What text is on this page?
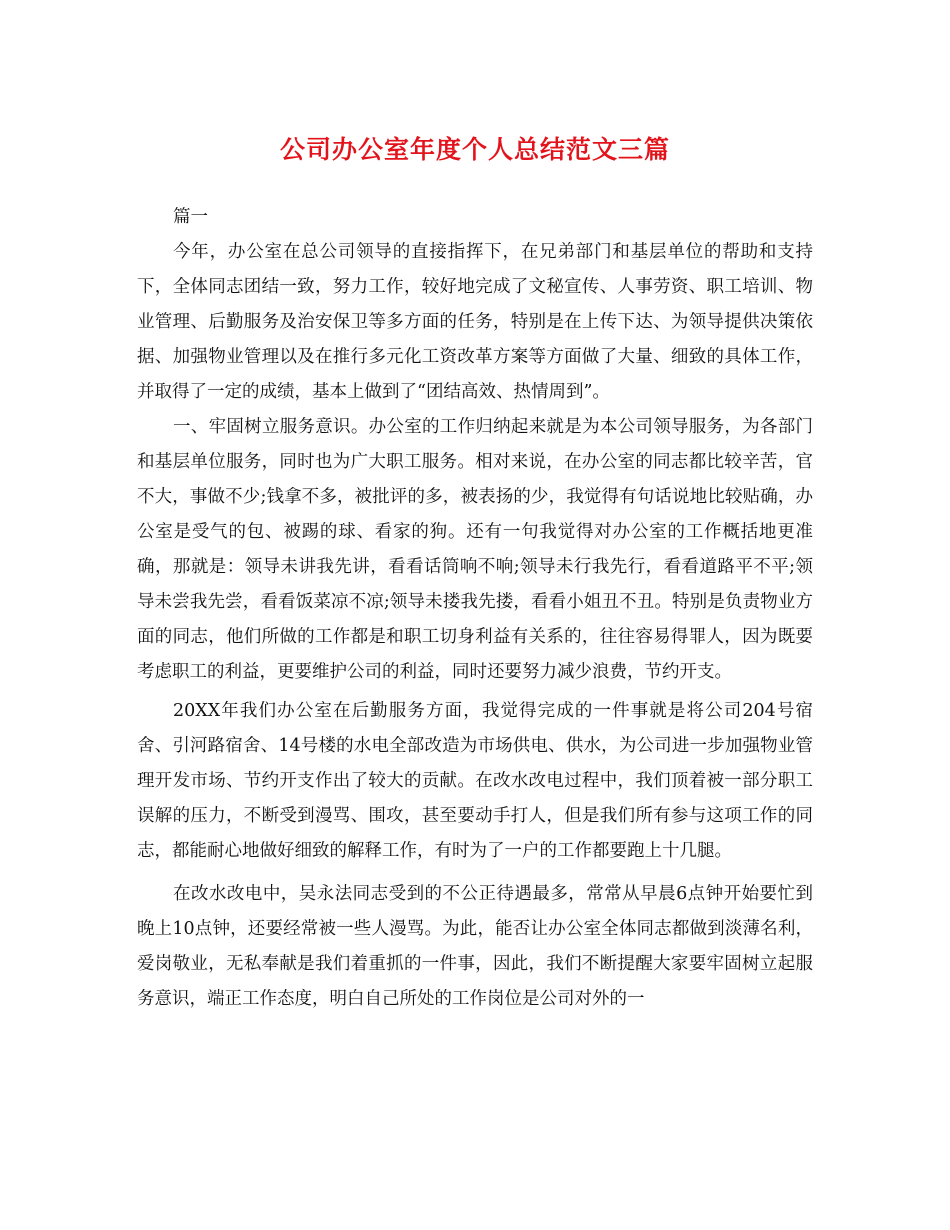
公司办公室年度个人总结范文三篇

篇一

今年，办公室在总公司领导的直接指挥下，在兄弟部门和基层单位的帮助和支持下，全体同志团结一致，努力工作，较好地完成了文秘宣传、人事劳资、职工培训、物业管理、后勤服务及治安保卫等多方面的任务，特别是在上传下达、为领导提供决策依据、加强物业管理以及在推行多元化工资改革方案等方面做了大量、细致的具体工作，并取得了一定的成绩，基本上做到了“团结高效、热情周到”。

一、牢固树立服务意识。办公室的工作归纳起来就是为本公司领导服务，为各部门和基层单位服务，同时也为广大职工服务。相对来说，在办公室的同志都比较辛苦，官不大，事做不少;钱拿不多，被批评的多，被表扬的少，我觉得有句话说地比较贴确，办公室是受气的包、被踢的球、看家的狗。还有一句我觉得对办公室的工作概括地更准确，那就是：领导未讲我先讲，看看话筒响不响;领导未行我先行，看看道路平不平;领导未尝我先尝，看看饭菜凉不凉;领导未搂我先搂，看看小姐丑不丑。特别是负责物业方面的同志，他们所做的工作都是和职工切身利益有关系的，往往容易得罪人，因为既要考虑职工的利益，更要维护公司的利益，同时还要努力减少浪费，节约开支。

20XX年我们办公室在后勤服务方面，我觉得完成的一件事就是将公司204号宿舍、引河路宿舍、14号楼的水电全部改造为市场供电、供水，为公司进一步加强物业管理开发市场、节约开支作出了较大的贡献。在改水改电过程中，我们顶着被一部分职工误解的压力，不断受到漫骂、围攻，甚至要动手打人，但是我们所有参与这项工作的同志，都能耐心地做好细致的解释工作，有时为了一户的工作都要跑上十几腿。

在改水改电中，吴永法同志受到的不公正待遇最多，常常从早晨6点钟开始要忙到晚上10点钟，还要经常被一些人漫骂。为此，能否让办公室全体同志都做到淡薄名利，爱岗敬业，无私奉献是我们着重抓的一件事，因此，我们不断提醒大家要牢固树立起服务意识，端正工作态度，明白自己所处的工作岗位是公司对外的一
